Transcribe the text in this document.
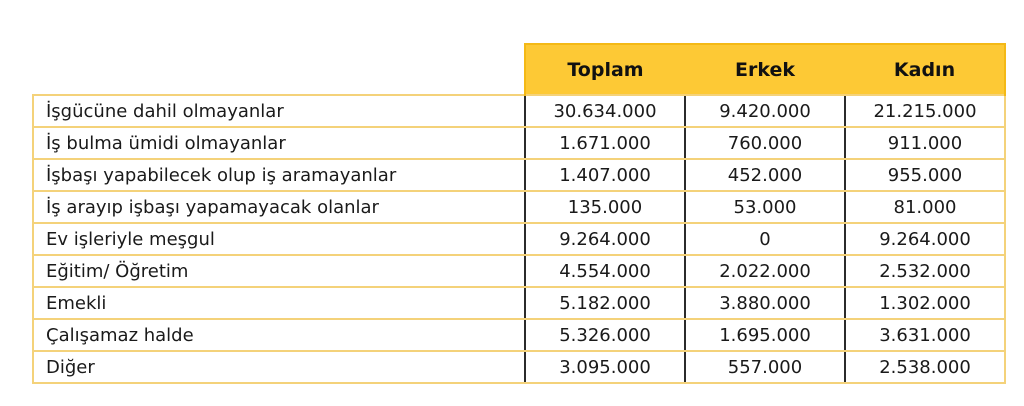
	Toplam	Erkek	Kadın
İşgücüne dahil olmayanlar	30.634.000	9.420.000	21.215.000
İş bulma ümidi olmayanlar	1.671.000	760.000	911.000
İşbaşı yapabilecek olup iş aramayanlar	1.407.000	452.000	955.000
İş arayıp işbaşı yapamayacak olanlar	135.000	53.000	81.000
Ev işleriyle meşgul	9.264.000	0	9.264.000
Eğitim/ Öğretim	4.554.000	2.022.000	2.532.000
Emekli	5.182.000	3.880.000	1.302.000
Çalışamaz halde	5.326.000	1.695.000	3.631.000
Diğer	3.095.000	557.000	2.538.000
